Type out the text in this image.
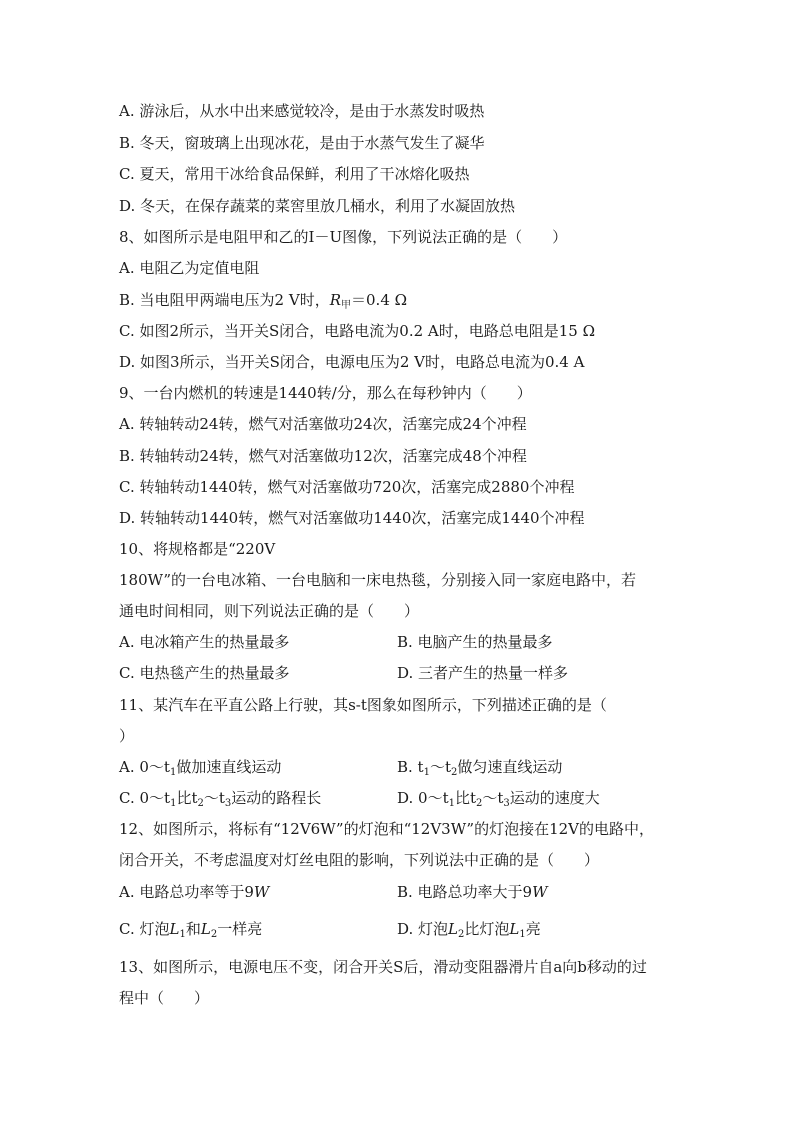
A. 游泳后，从水中出来感觉较冷，是由于水蒸发时吸热
B. 冬天，窗玻璃上出现冰花，是由于水蒸气发生了凝华
C. 夏天，常用干冰给食品保鲜，利用了干冰熔化吸热
D. 冬天，在保存蔬菜的菜窖里放几桶水，利用了水凝固放热
8、如图所示是电阻甲和乙的I－U图像，下列说法正确的是（　　）
A. 电阻乙为定值电阻
B. 当电阻甲两端电压为2 V时，$R_甲=0.4$ Ω
C. 如图2所示，当开关S闭合，电路电流为0.2 A时，电路总电阻是15 Ω
D. 如图3所示，当开关S闭合，电源电压为2 V时，电路总电流为0.4 A
9、一台内燃机的转速是1440转/分，那么在每秒钟内（　　）
A. 转轴转动24转，燃气对活塞做功24次，活塞完成24个冲程
B. 转轴转动24转，燃气对活塞做功12次，活塞完成48个冲程
C. 转轴转动1440转，燃气对活塞做功720次，活塞完成2880个冲程
D. 转轴转动1440转，燃气对活塞做功1440次，活塞完成1440个冲程
10、将规格都是“220V
180W”的一台电冰箱、一台电脑和一床电热毯，分别接入同一家庭电路中，若
通电时间相同，则下列说法正确的是（　　）
A. 电冰箱产生的热量最多	B. 电脑产生的热量最多
C. 电热毯产生的热量最多	D. 三者产生的热量一样多
11、某汽车在平直公路上行驶，其s-t图象如图所示，下列描述正确的是（
）
A. $0\sim t_1$做加速直线运动	B. $t_1\sim t_2$做匀速直线运动
C. $0\sim t_1$比$t_2\sim t_3$运动的路程长	D. $0\sim t_1$比$t_2\sim t_3$运动的速度大
12、如图所示，将标有“12V6W”的灯泡和“12V3W”的灯泡接在12V的电路中，
闭合开关，不考虑温度对灯丝电阻的影响，下列说法中正确的是（　　）
A. 电路总功率等于9W	B. 电路总功率大于9W
C. 灯泡$L_1$和$L_2$一样亮	D. 灯泡$L_2$比灯泡$L_1$亮
13、如图所示，电源电压不变，闭合开关S后，滑动变阻器滑片自a向b移动的过
程中（　　）
